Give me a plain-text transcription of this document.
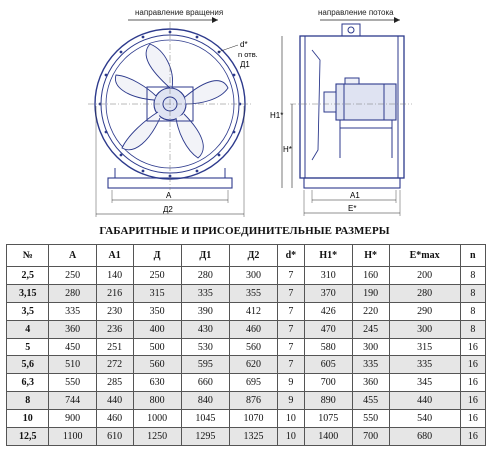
направление вращения
d*
n отв.
Д1
А
Д2
направление потока
H1*
H*
А1
E*
ГАБАРИТНЫЕ И ПРИСОЕДИНИТЕЛЬНЫЕ РАЗМЕРЫ
№	А	А1	Д	Д1	Д2	d*	H1*	H*	E*max	n
2,5	250	140	250	280	300	7	310	160	200	8
3,15	280	216	315	335	355	7	370	190	280	8
3,5	335	230	350	390	412	7	426	220	290	8
4	360	236	400	430	460	7	470	245	300	8
5	450	251	500	530	560	7	580	300	315	16
5,6	510	272	560	595	620	7	605	335	335	16
6,3	550	285	630	660	695	9	700	360	345	16
8	744	440	800	840	876	9	890	455	440	16
10	900	460	1000	1045	1070	10	1075	550	540	16
12,5	1100	610	1250	1295	1325	10	1400	700	680	16
